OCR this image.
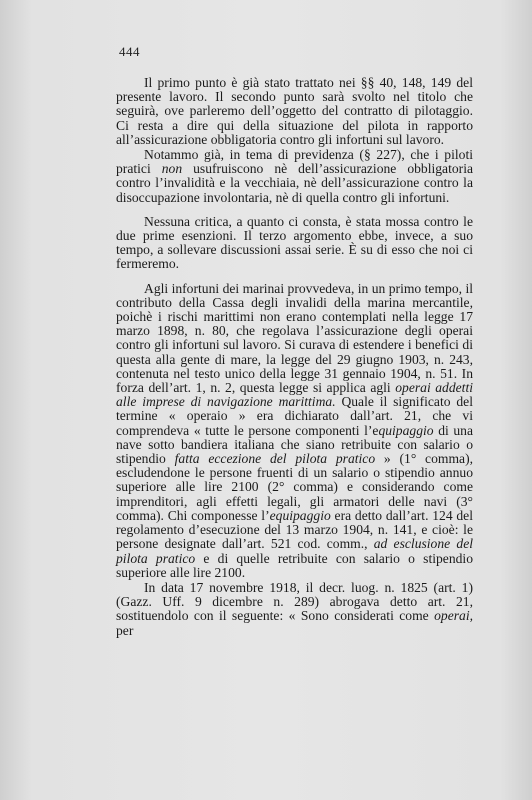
444

Il primo punto è già stato trattato nei §§ 40, 148, 149 del presente lavoro. Il secondo punto sarà svolto nel titolo che seguirà, ove parleremo dell’oggetto del contratto di pilotaggio. Ci resta a dire qui della situazione del pilota in rapporto all’assicurazione obbligatoria contro gli infortuni sul lavoro.

Notammo già, in tema di previdenza (§ 227), che i piloti pratici non usufruiscono nè dell’assicurazione obbligatoria contro l’invalidità e la vecchiaia, nè dell’assicurazione contro la disoccupazione involontaria, nè di quella contro gli infortuni.

Nessuna critica, a quanto ci consta, è stata mossa contro le due prime esenzioni. Il terzo argomento ebbe, invece, a suo tempo, a sollevare discussioni assai serie. È su di esso che noi ci fermeremo.

Agli infortuni dei marinai provvedeva, in un primo tempo, il contributo della Cassa degli invalidi della marina mercantile, poichè i rischi marittimi non erano contemplati nella legge 17 marzo 1898, n. 80, che regolava l’assicurazione degli operai contro gli infortuni sul lavoro. Si curava di estendere i benefici di questa alla gente di mare, la legge del 29 giugno 1903, n. 243, contenuta nel testo unico della legge 31 gennaio 1904, n. 51. In forza dell’art. 1, n. 2, questa legge si applica agli operai addetti alle imprese di navigazione marittima. Quale il significato del termine « operaio » era dichiarato dall’art. 21, che vi comprendeva « tutte le persone componenti l’equipaggio di una nave sotto bandiera italiana che siano retribuite con salario o stipendio fatta eccezione del pilota pratico » (1° comma), escludendone le persone fruenti di un salario o stipendio annuo superiore alle lire 2100 (2° comma) e considerando come imprenditori, agli effetti legali, gli armatori delle navi (3° comma). Chi componesse l’equipaggio era detto dall’art. 124 del regolamento d’esecuzione del 13 marzo 1904, n. 141, e cioè: le persone designate dall’art. 521 cod. comm., ad esclusione del pilota pratico e di quelle retribuite con salario o stipendio superiore alle lire 2100.

In data 17 novembre 1918, il decr. luog. n. 1825 (art. 1) (Gazz. Uff. 9 dicembre n. 289) abrogava detto art. 21, sostituendolo con il seguente: « Sono considerati come operai, per
